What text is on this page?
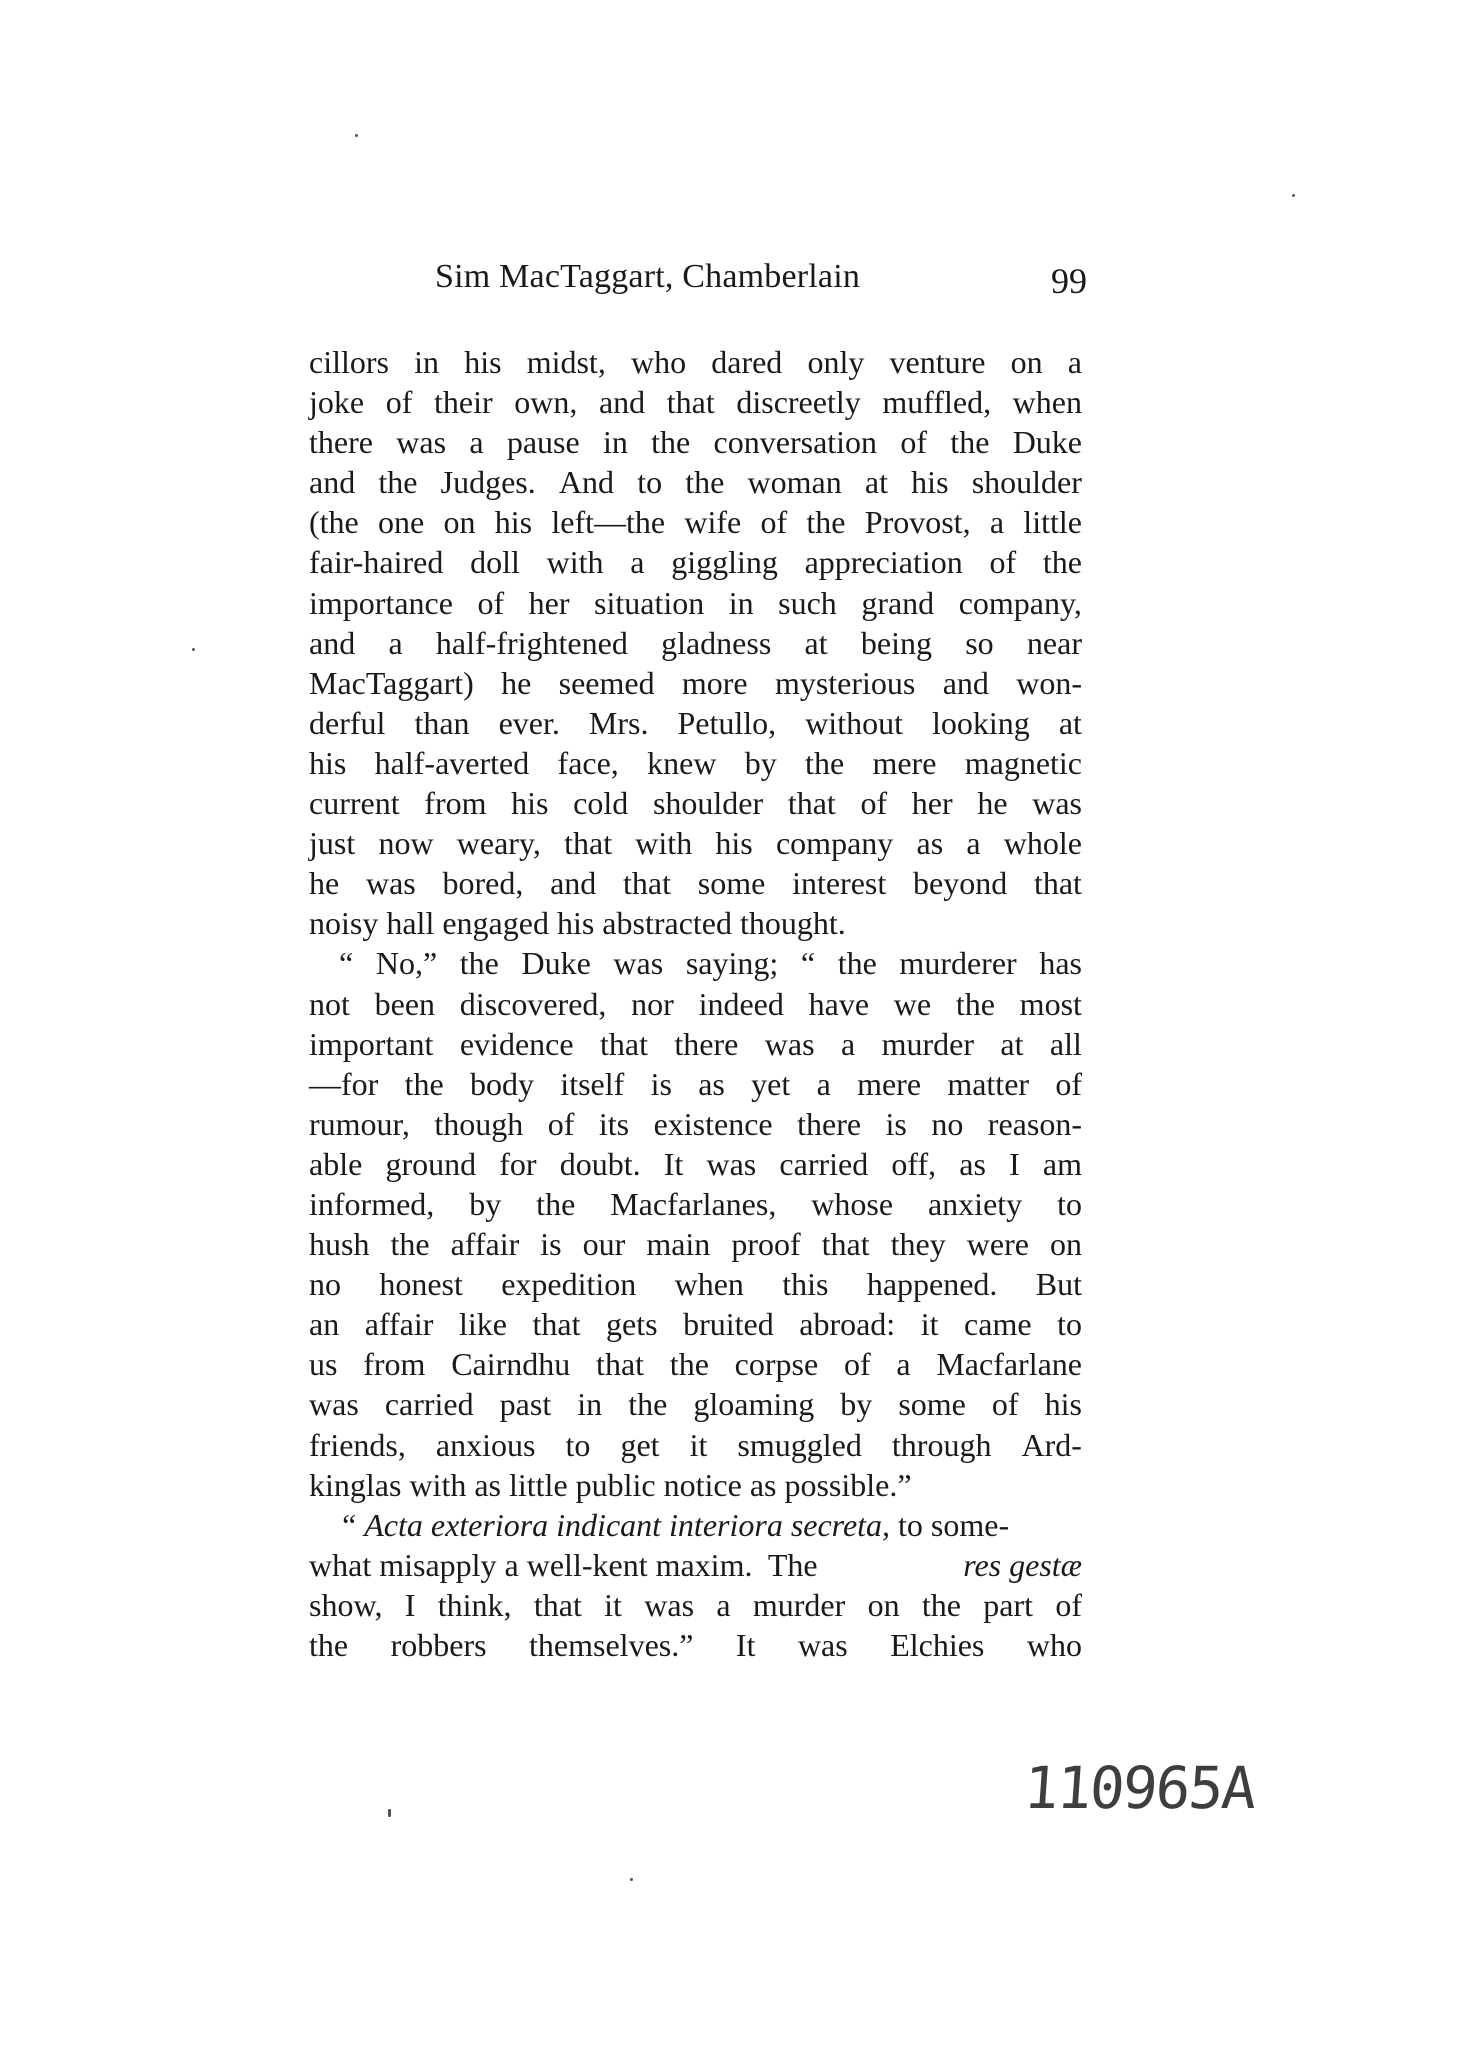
Sim MacTaggart, Chamberlain	99
cillors in his midst, who dared only venture on a
joke of their own, and that discreetly muffled, when
there was a pause in the conversation of the Duke
and the Judges. And to the woman at his shoulder
(the one on his left—the wife of the Provost, a little
fair-haired doll with a giggling appreciation of the
importance of her situation in such grand company,
and a half-frightened gladness at being so near
MacTaggart) he seemed more mysterious and won-
derful than ever. Mrs. Petullo, without looking at
his half-averted face, knew by the mere magnetic
current from his cold shoulder that of her he was
just now weary, that with his company as a whole
he was bored, and that some interest beyond that
noisy hall engaged his abstracted thought.
“ No,” the Duke was saying; “ the murderer has
not been discovered, nor indeed have we the most
important evidence that there was a murder at all
—for the body itself is as yet a mere matter of
rumour, though of its existence there is no reason-
able ground for doubt. It was carried off, as I am
informed, by the Macfarlanes, whose anxiety to
hush the affair is our main proof that they were on
no honest expedition when this happened. But
an affair like that gets bruited abroad: it came to
us from Cairndhu that the corpse of a Macfarlane
was carried past in the gloaming by some of his
friends, anxious to get it smuggled through Ard-
kinglas with as little public notice as possible.”
“ Acta exteriora indicant interiora secreta, to some-
what misapply a well-kent maxim.  The	res gestæ
show, I think, that it was a murder on the part of
the robbers themselves.” It was Elchies who
110965A
